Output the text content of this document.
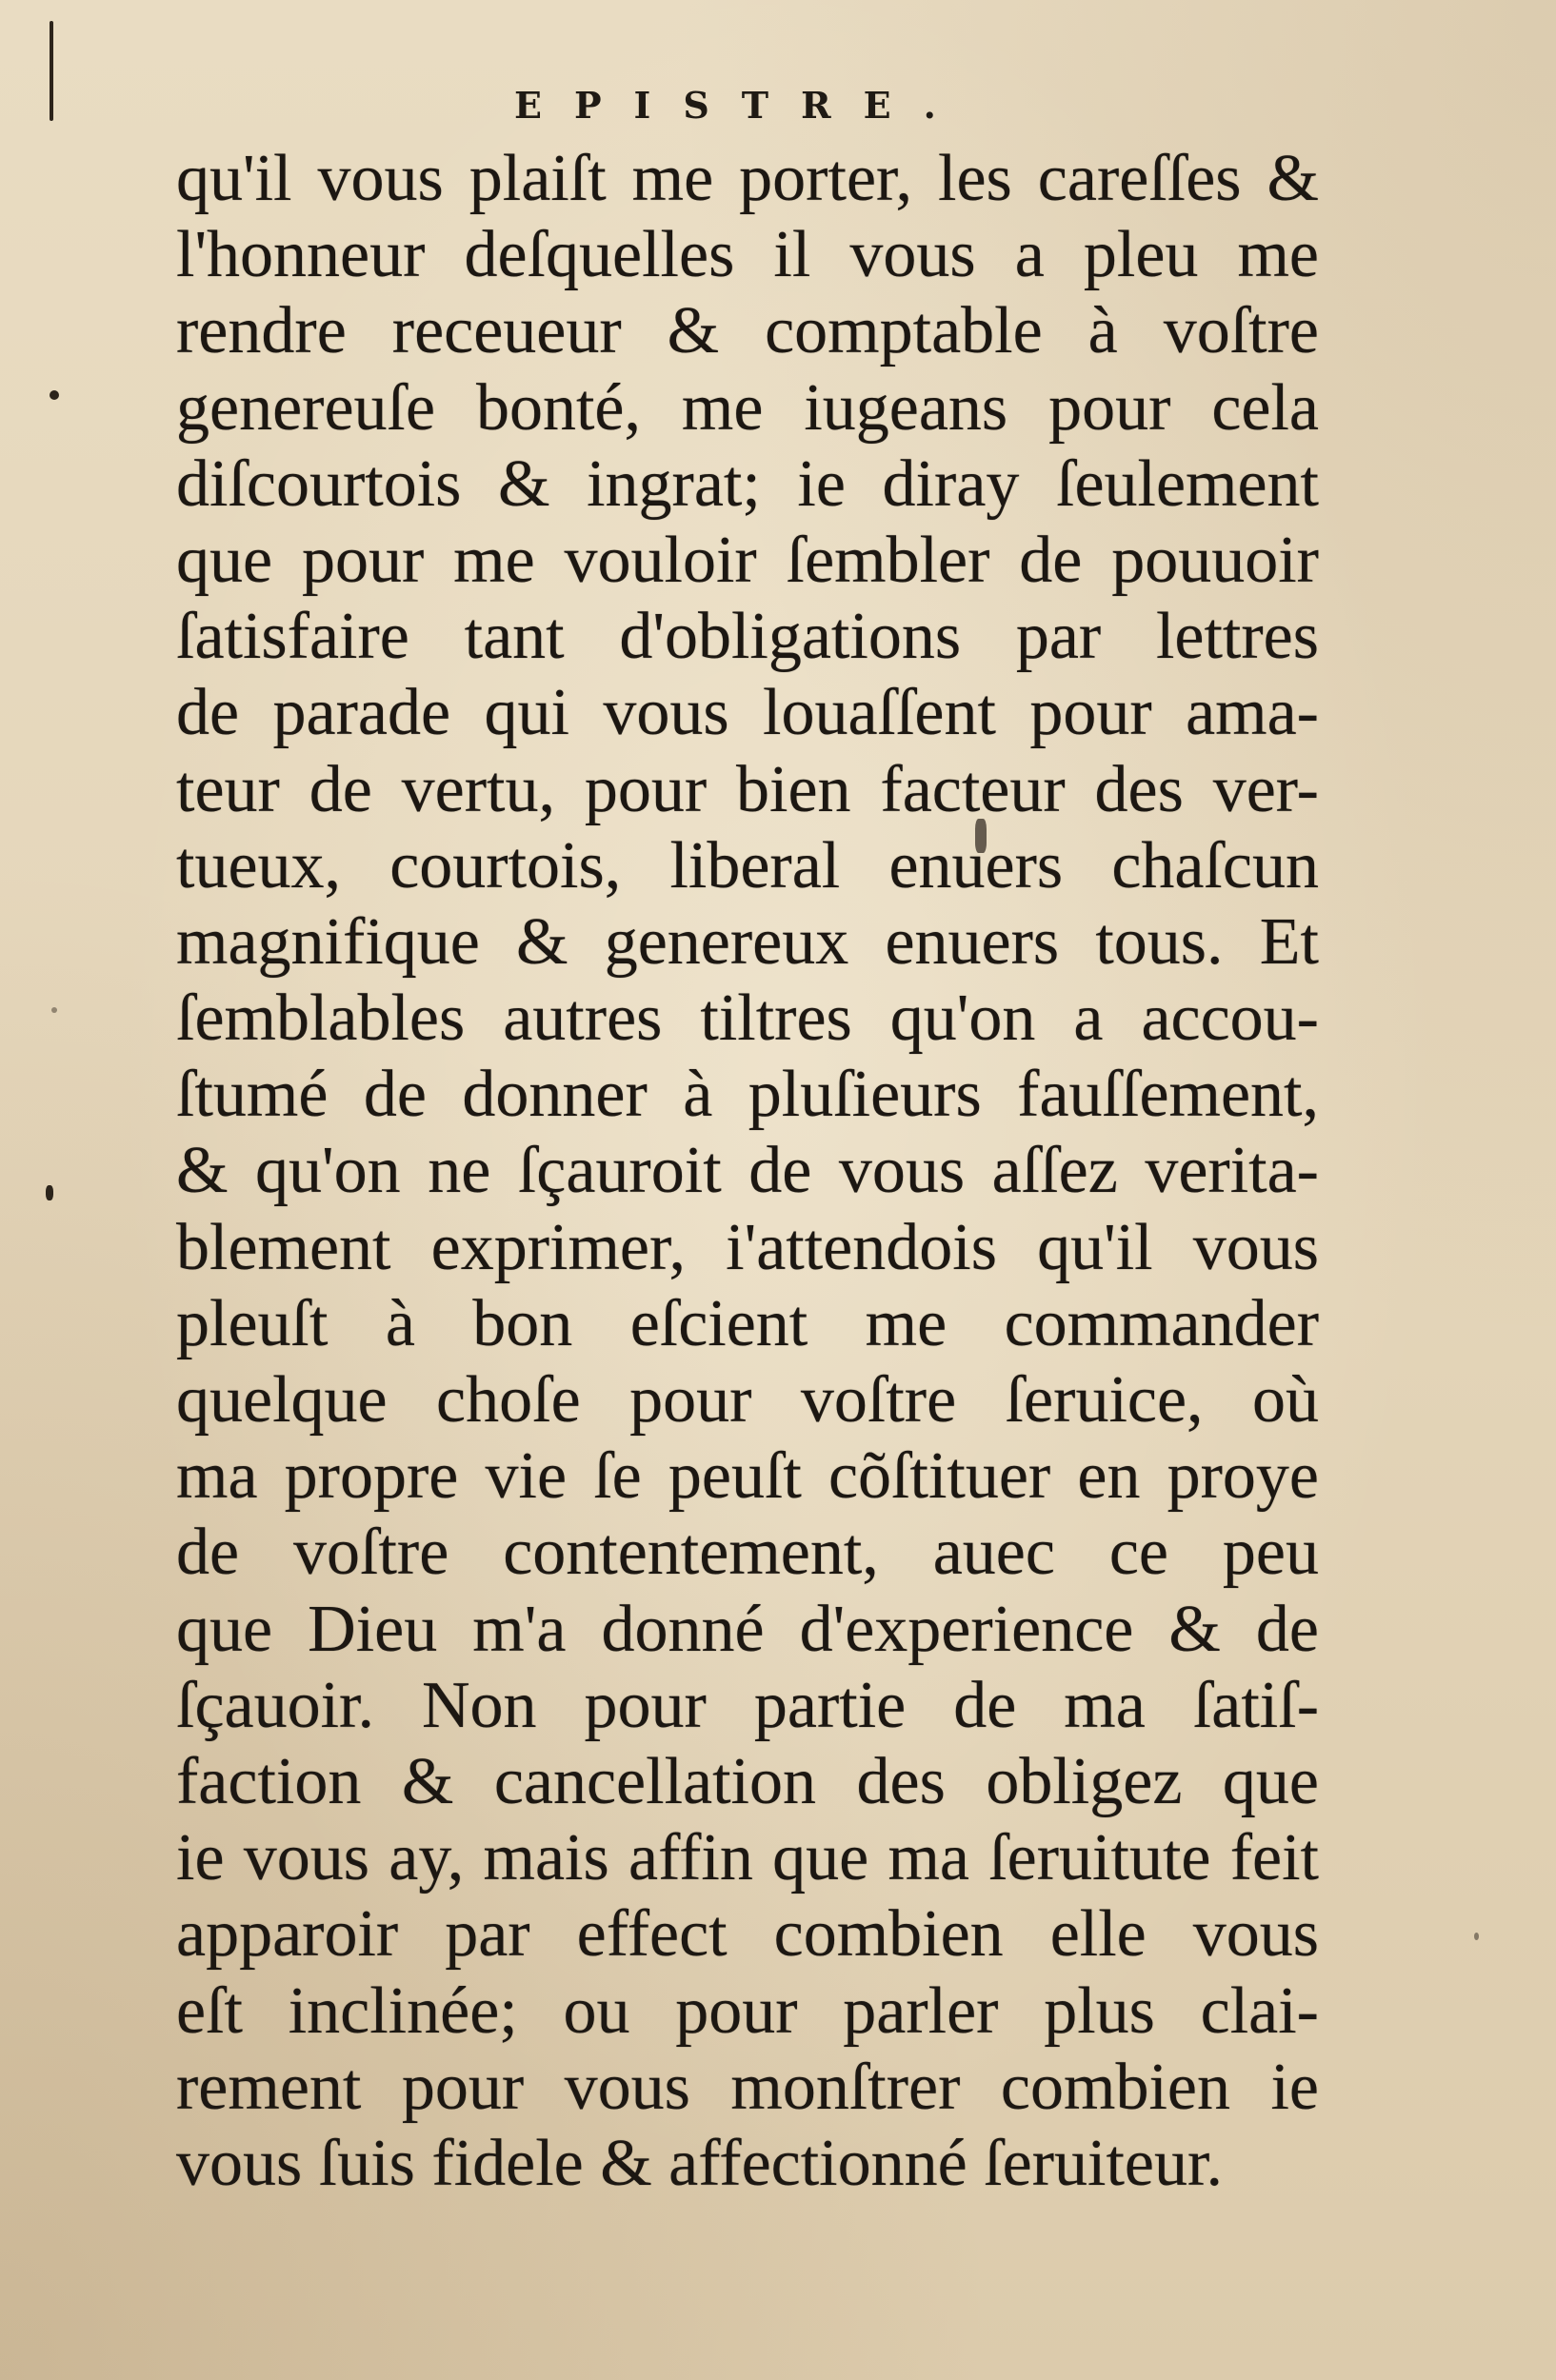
EPISTRE.
qu'il vous plaiſt me porter, les careſſes &
l'honneur deſquelles il vous a pleu me
rendre receueur & comptable à voſtre
genereuſe bonté, me iugeans pour cela
diſcourtois & ingrat; ie diray ſeulement
que pour me vouloir ſembler de pouuoir
ſatisfaire tant d'obligations par lettres
de parade qui vous louaſſent pour ama-
teur de vertu, pour bien facteur des ver-
tueux, courtois, liberal enuers chaſcun
magnifique & genereux enuers tous. Et
ſemblables autres tiltres qu'on a accou-
ſtumé de donner à pluſieurs fauſſement,
& qu'on ne ſçauroit de vous aſſez verita-
blement exprimer, i'attendois qu'il vous
pleuſt à bon eſcient me commander
quelque choſe pour voſtre ſeruice, où
ma propre vie ſe peuſt cõſtituer en proye
de voſtre contentement, auec ce peu
que Dieu m'a donné d'experience & de
ſçauoir. Non pour partie de ma ſatiſ-
faction & cancellation des obligez que
ie vous ay, mais affin que ma ſeruitute feit
apparoir par effect combien elle vous
eſt inclinée; ou pour parler plus clai-
rement pour vous monſtrer combien ie
vous ſuis fidele & affectionné ſeruiteur.
